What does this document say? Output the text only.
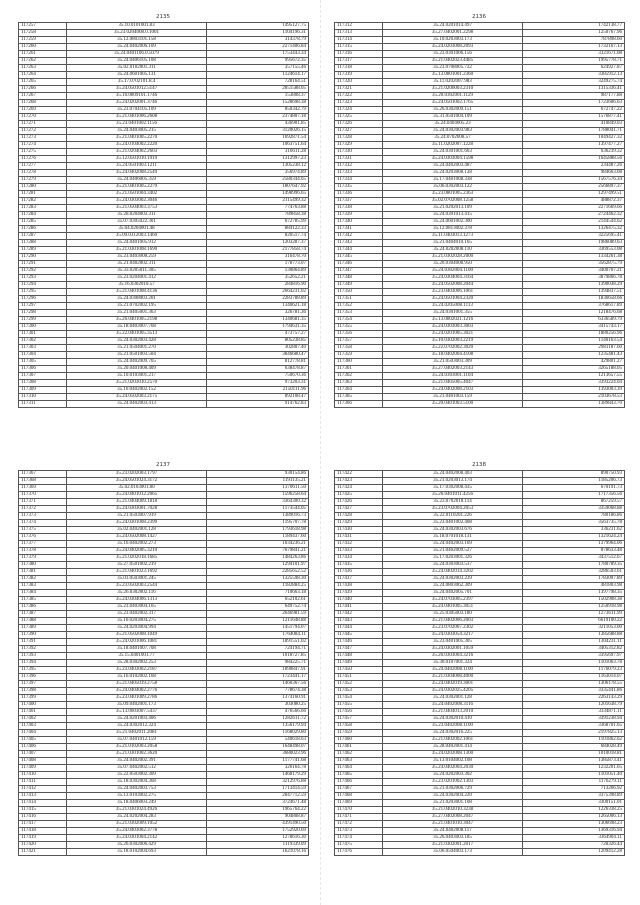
2135
117257	35.10.0101001.83	1495127.75
117258	35.23.0204008.0.1001	1104196.31
117259	35.12.0803101.158	314378.79
117260	35.24.0402006.109	2271406.84
117261	35.24.0401106.0.5079	1753443.34
117262	35.24.0406105.108	995672.35
117263	35.02.0102001.311	357155.46
117264	35.24.0601005.131	1124614.17
117265	35.17.0702101.8.4	728164.51
117266	35.24.0501012.5147	2851588.05
117267	35.10.0809101.1746	153808.37
117268	35.24.0202001.3746	1528698.38
117269	35.23.0704105.109	850342.79
117270	35.21.0401006.2608	2374807.18
117271	35.23.0401002.1156	436901.85
117272	35.24.0403005.215	3120026.15
117273	35.21.0401005.2270	1692871.54
117274	35.24.0104002.2220	1063751.64
117275	35.21.0204002.2603	316611.28
117276	35.12.0501010.1919	1312997.23
117277	35.24.0501003.1211	1305238.12
117278	35.24.0402008.2549	356974.89
117279	35.24.0406005.359	2580344.65
117280	35.21.0401005.2279	1807647.92
117281	35.21.0501004.3402	1498996.65
117282	35.24.0303002.3046	2115499.32
117283	35.21.0504003.3753	774763.88
117284	35.28.0204003.311	789858.38
117285	35.07.0305022.301	672785.99
117286	35.04.0204001.48	884122.33
117287	35.09.0312003.1460	820517.74
117288	35.24.0401005.912	1203287.37
117289	35.21.0301008.1690	2177858.74
117290	35.23.0403008.259	316478.70
117291	35.21.0402002.311	178773.07
117292	35.33.0205011.305	130864.89
117293	35.23.0204001.412	352652.21
117294	35.16.0302010.57	284816.90
117295	35.21.0401008.4136	2664231.02
117296	35.24.0308003.201	2283788.89
117297	35.21.0702002.195	1340621.18
117298	35.21.0405001.363	326781.36
117299	35.26.0401005.2198	1340681.35
117300	35.18.0403007.768	1794631.35
117301	35.22.0401005.3513	473757.27
117302	35.24.0302003.428	805238.85
117303	35.21.0504001.270	302807.40
117304	35.21.0501003.504	3846680.47
117305	35.24.0402009.765	812778.81
117306	35.20.0401008.409	638478.87
117307	35.10.0103001.217	750670.36
117308	35.21.0203010.2570	973203.31
117309	35.10.0402002.152	2150111.96
117310	35.24.0502003.2175	892108.47
117311	35.24.0402003.413	914762.83
2136
117312	35.24.0201014.497	1742138.77
117313	35.27.0402001.2298	1250767.96
117314	35.10.0203003.173	787898.60
117315	35.24.0203008.2093	1732167.13
117316	35.23.0301006.156	3321671.08
117317	35.21.0402023.4485	1995778.71
117318	35.23.0708005.722	624927.87
117319	35.13.0801001.2360	3385912.13
117320	35.11.0202007.983	3249275.74
117321	35.21.0206003.2310	1315336.41
117322	35.20.0302001.1129	987177.88
117323	35.24.0501002.1765	1723606.63
117324	35.26.0302009.151	672747.22
117325	35.31.0501004.109	1576877.41
117326	35.24.0404005.23	410849.03
117327	35.24.0302003.983	1788041.71
117328	35.24.0702008.57	1049427.32
117329	35.11.0202007.1228	1397477.27
117330	35.24.0301001.663	636239.32
117331	35.24.0303004.1598	1645888.56
117332	35.24.0402003.487	234487.26
117333	35.24.0203008.128	984663.08
117334	35.17.0401008.338	1567576.34
117335	35.06.0302003.122	2566897.37
117336	35.23.0801005.2363	1297499.51
117337	35.02.0702008.1258	488872.37
117338	35.21.0202013.109	2271669.66
117339	35.24.0301013.415	2724462.32
117340	35.24.0601002.300	2144544.62
117341	35.12.0813002.378	1326475.32
117342	35.11.0403013.1273	3225695.41
117343	35.21.0404010.165	1986089.63
117344	35.24.0202008.110	3369553.08
117345	35.21.0302028.2000	1334261.38
117346	35.20.0304008.950	3562875.79
117347	35.24.0302004.1100	3400707.21
117348	35.24.0304004.3164	3879866.78
117349	35.24.0502008.2044	1390038.29
117350	35.23.0403006.1061	1394837.51
117351	35.24.0501004.2320	1836658.66
117352	35.24.0205008.1113	3768617.89
117353	35.24.0301001.355	1218476.68
117354	35.13.0802021.1216	6336589.79
117355	35.24.0303003.3003	3415743.17
117356	35.24.0201005.3021	1880256.96
117357	35.10.0302003.2219	1140163.54
117358	35.22.0702002.3020	2981187.60
117359	35.18.0402004.4108	1235481.43
117360	35.21.0503003.309	429801.27
117361	35.27.0402003.2143	3265188.05
117362	35.24.0303001.1104	1213657.55
117363	35.21.0405005.4047	3393224.04
117364	35.24.0402008.2103	1393003.39
117365	35.21.0401003.159	2103678.53
117366	35.20.0401003.5100	1389843.70
2137
117367	35.23.0202003.1797	930154.86
117368	35.24.0501024.3172	1191135.21
117369	35.02.0103001.80	1370611.50
117370	35.24.0401012.2065	1596258.64
117371	35.21.0404009.1818	3364300.32
117372	35.24.0303001.7028	1173544.05
117373	35.21.0503007.919	1389016.73
117374	35.24.0301008.2399	1195707.78
117375	35.02.0402001.128	1793618.98
117376	35.24.0502008.1427	1189437.60
117377	35.16.0402002.273	1034236.21
117378	35.24.0402005.3210	7679841.21
117379	35.21.0202018.1685	1484263.86
117380	35.27.0501002.219	1294101.97
117381	35.21.0401023.1692	2285652.52
117382	35.03.0503001.245	1325598.30
117383	35.23.0502003.2544	1182884.25
117384	35.26.0302002.116	710663.18
117385	35.24.0304006.1313	652102.61
117386	35.23.0403004.165	649752.74
117387	35.23.0402002.317	2646981.59
117388	35.10.0203004.275	1211648.88
117389	35.24.0203004.994	1451794.07
117390	35.21.0502008.1049	1764084.11
117391	35.24.0201006.1081	1891551.02
117392	35.18.0401007.708	724194.71
117393	35.15.0401001.77	1018727.85
117394	35.28.0302002.253	984225.71
117395	35.23.0403002.2187	1890847.91
117396	35.16.0102002.168	1723441.17
117397	35.21.0405019.2758	1460367.56
117398	35.24.0404002.2776	778674.38
117399	35.23.0401009.2786	1374160.91
117400	35.09.0402001.173	303080.25
117401	35.13.0603007.5437	476566.66
117402	35.24.0201003.406	1282611.72
117403	35.24.0302012.324	1356179.94
117404	35.21.0402011.2081	1168029.80
117405	35.07.0401012.159	540618.63
117406	35.21.0102003.2058	1648498.07
117407	35.21.0301002.3620	3680023.96
117408	35.24.0402002.391	1177741.68
117409	35.07.0402002.512	326164.78
117410	35.22.0503002.309	1468179.29
117411	35.18.0302004.368	3212976.88
117412	35.24.0402003.753	1713414.59
117413	35.13.0103002.275	2847712.59
117414	35.18.0406003.249	3724671.48
117415	35.21.0301024.4926	1965764.22
117416	35.24.0202004.283	904808.87
117417	35.21.0302009.1052	4391490.50
117418	35.24.0403002.3778	1752920.69
117419	35.24.0301004.2142	1278616.30
117420	35.26.0302006.429	1119339.09
117421	35.18.0102004.693	1621078.16
2138
117422	35.24.0402008.403	890750.93
117423	35.21.0203013.174	1185206.73
117424	35.17.0302008.435	670191.73
117425	35.26.0401011.4256	1717356.56
117426	35.23.0702018.114	867259.57
117427	35.23.0702004.2053	3359068.88
117428	35.22.0110201.226	780186.86
117429	35.23.0401002.408	3563735.78
117430	35.24.0302003.676	336231.62
117431	35.18.0701018.131	1321624.24
117432	35.24.0402003.169	1379964.06
117433	35.21.0402009.527	878633.48
117434	35.17.0203001.326	3437512.67
117435	35.24.0303003.537	1780789.35
117436	35.24.0402014.3202	3286503.61
117437	35.24.0302003.239	1783007.89
117438	35.24.0803062.309	481803.98
117439	35.24.0402005.701	1397798.35
117440	35.24.0703005.2397	1502908.38
117441	35.24.0401005.3051	1250918.98
117442	35.25.0305003.180	1273611.99
117443	35.21.0402006.2003	6619100.22
117444	35.23.0702007.2302	3211053.00
117445	35.24.0303054.3217	1385688.88
117446	35.23.0401005.305	1304231.11
117447	35.24.0302001.1059	3405312.82
117448	35.26.0303004.3216	3395697.97
117449	35.30.0107001.324	1101063.78
117450	35.24.0402008.1100	1176079.23
117451	35.21.0304008.4000	1163014.07
117452	35.24.0402019.3001	1306178.55
117453	35.24.0302025.4205	3335441.86
117454	35.24.0302001.128	2263143.29
117455	35.24.0402008.3116	1201638.79
117456	35.21.0404013.2010	3334871.11
117457	35.24.0302010.410	3391238.94
117458	35.23.0402008.1100	3368701.65
117459	35.24.0302016.225	2197825.13
117460	35.21.0402002.1061	1101862.62
117461	35.28.0402001.414	684028.49
117462	35.24.0202008.1300	1010018.81
117463	35.13.0104002.108	1385873.41
117464	35.24.0402004.2030	1232201.05
117465	35.24.0202003.302	1101051.40
117466	35.23.0201002.1303	1176279.11
117467	35.21.0302006.729	713266.92
117468	35.24.0302004.220	3375398.89
117469	35.21.0203001.108	3300151.01
117470	35.21.0402010.3238	1226338.25
117471	35.27.0402008.2047	1265006.13
117472	35.21.0401010.3047	1306698.23
117473	35.24.0402008.117	1369316.94
117474	35.26.0403003.185	3364904.11
117475	35.21.0302001.2017	728326.44
117476	35.06.0504003.173	1209412.28
